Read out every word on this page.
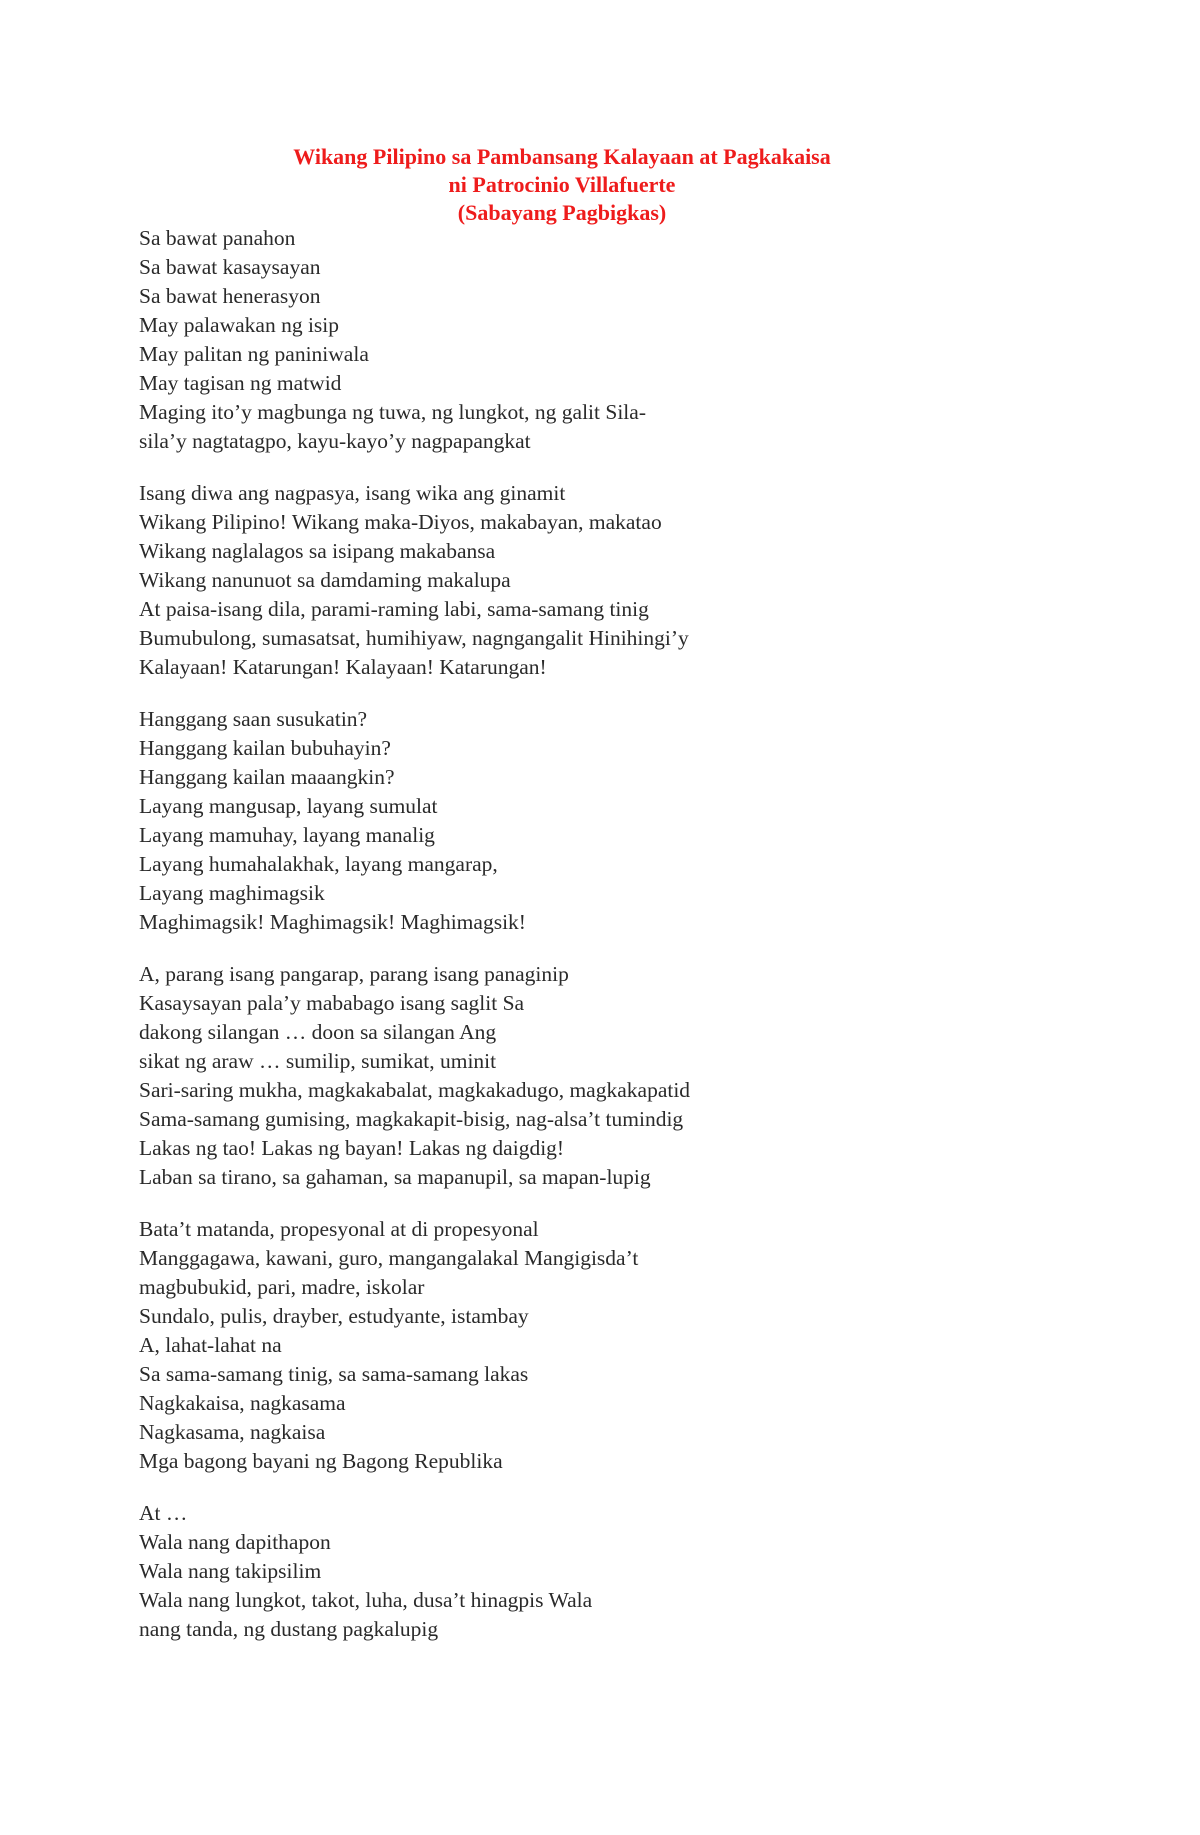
Wikang Pilipino sa Pambansang Kalayaan at Pagkakaisa
ni Patrocinio Villafuerte
(Sabayang Pagbigkas)
Sa bawat panahon
Sa bawat kasaysayan
Sa bawat henerasyon
May palawakan ng isip
May palitan ng paniniwala
May tagisan ng matwid
Maging ito’y magbunga ng tuwa, ng lungkot, ng galit Sila-
sila’y nagtatagpo, kayu-kayo’y nagpapangkat
Isang diwa ang nagpasya, isang wika ang ginamit
Wikang Pilipino! Wikang maka-Diyos, makabayan, makatao
Wikang naglalagos sa isipang makabansa
Wikang nanunuot sa damdaming makalupa
At paisa-isang dila, parami-raming labi, sama-samang tinig
Bumubulong, sumasatsat, humihiyaw, nagngangalit Hinihingi’y
Kalayaan! Katarungan! Kalayaan! Katarungan!
Hanggang saan susukatin?
Hanggang kailan bubuhayin?
Hanggang kailan maaangkin?
Layang mangusap, layang sumulat
Layang mamuhay, layang manalig
Layang humahalakhak, layang mangarap,
Layang maghimagsik
Maghimagsik! Maghimagsik! Maghimagsik!
A, parang isang pangarap, parang isang panaginip
Kasaysayan pala’y mababago isang saglit Sa
dakong silangan … doon sa silangan Ang
sikat ng araw … sumilip, sumikat, uminit
Sari-saring mukha, magkakabalat, magkakadugo, magkakapatid
Sama-samang gumising, magkakapit-bisig, nag-alsa’t tumindig
Lakas ng tao! Lakas ng bayan! Lakas ng daigdig!
Laban sa tirano, sa gahaman, sa mapanupil, sa mapan-lupig
Bata’t matanda, propesyonal at di propesyonal
Manggagawa, kawani, guro, mangangalakal Mangigisda’t
magbubukid, pari, madre, iskolar
Sundalo, pulis, drayber, estudyante, istambay
A, lahat-lahat na
Sa sama-samang tinig, sa sama-samang lakas
Nagkakaisa, nagkasama
Nagkasama, nagkaisa
Mga bagong bayani ng Bagong Republika
At …
Wala nang dapithapon
Wala nang takipsilim
Wala nang lungkot, takot, luha, dusa’t hinagpis Wala
nang tanda, ng dustang pagkalupig
